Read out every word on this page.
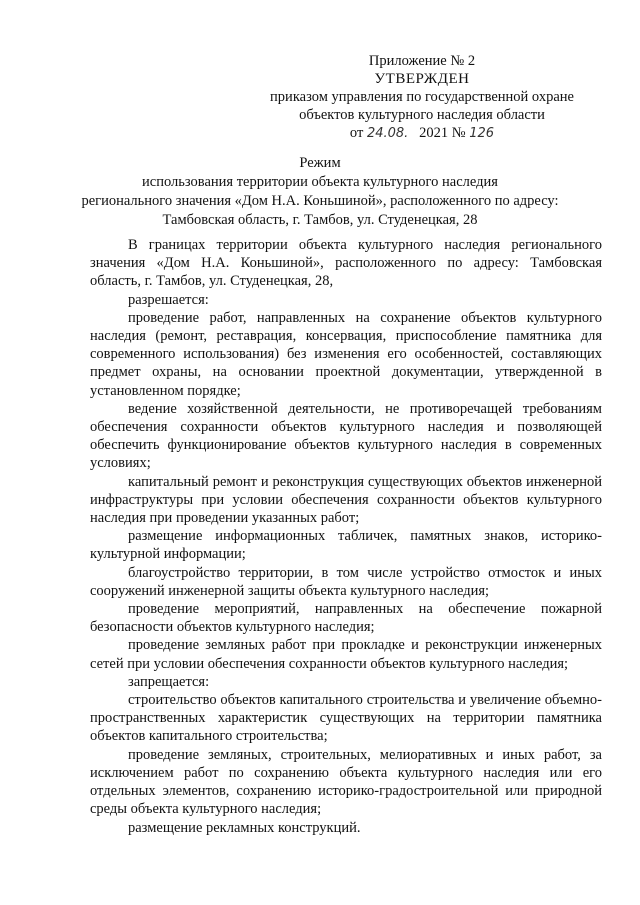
Приложение № 2
УТВЕРЖДЕН
приказом управления по государственной охране
объектов культурного наследия области
от 24.08. 2021 № 126
Режим
использования территории объекта культурного наследия
регионального значения «Дом Н.А. Коньшиной», расположенного по адресу:
Тамбовская область, г. Тамбов, ул. Студенецкая, 28

В границах территории объекта культурного наследия регионального значения «Дом Н.А. Коньшиной», расположенного по адресу: Тамбовская область, г. Тамбов, ул. Студенецкая, 28,

разрешается:

проведение работ, направленных на сохранение объектов культурного наследия (ремонт, реставрация, консервация, приспособление памятника для современного использования) без изменения его особенностей, составляющих предмет охраны, на основании проектной документации, утвержденной в установленном порядке;

ведение хозяйственной деятельности, не противоречащей требованиям обеспечения сохранности объектов культурного наследия и позволяющей обеспечить функционирование объектов культурного наследия в современных условиях;

капитальный ремонт и реконструкция существующих объектов инженерной инфраструктуры при условии обеспечения сохранности объектов культурного наследия при проведении указанных работ;

размещение информационных табличек, памятных знаков, историко-культурной информации;

благоустройство территории, в том числе устройство отмосток и иных сооружений инженерной защиты объекта культурного наследия;

проведение мероприятий, направленных на обеспечение пожарной безопасности объектов культурного наследия;

проведение земляных работ при прокладке и реконструкции инженерных сетей при условии обеспечения сохранности объектов культурного наследия;

запрещается:

строительство объектов капитального строительства и увеличение объемно-пространственных характеристик существующих на территории памятника объектов капитального строительства;

проведение земляных, строительных, мелиоративных и иных работ, за исключением работ по сохранению объекта культурного наследия или его отдельных элементов, сохранению историко-градостроительной или природной среды объекта культурного наследия;

размещение рекламных конструкций.
